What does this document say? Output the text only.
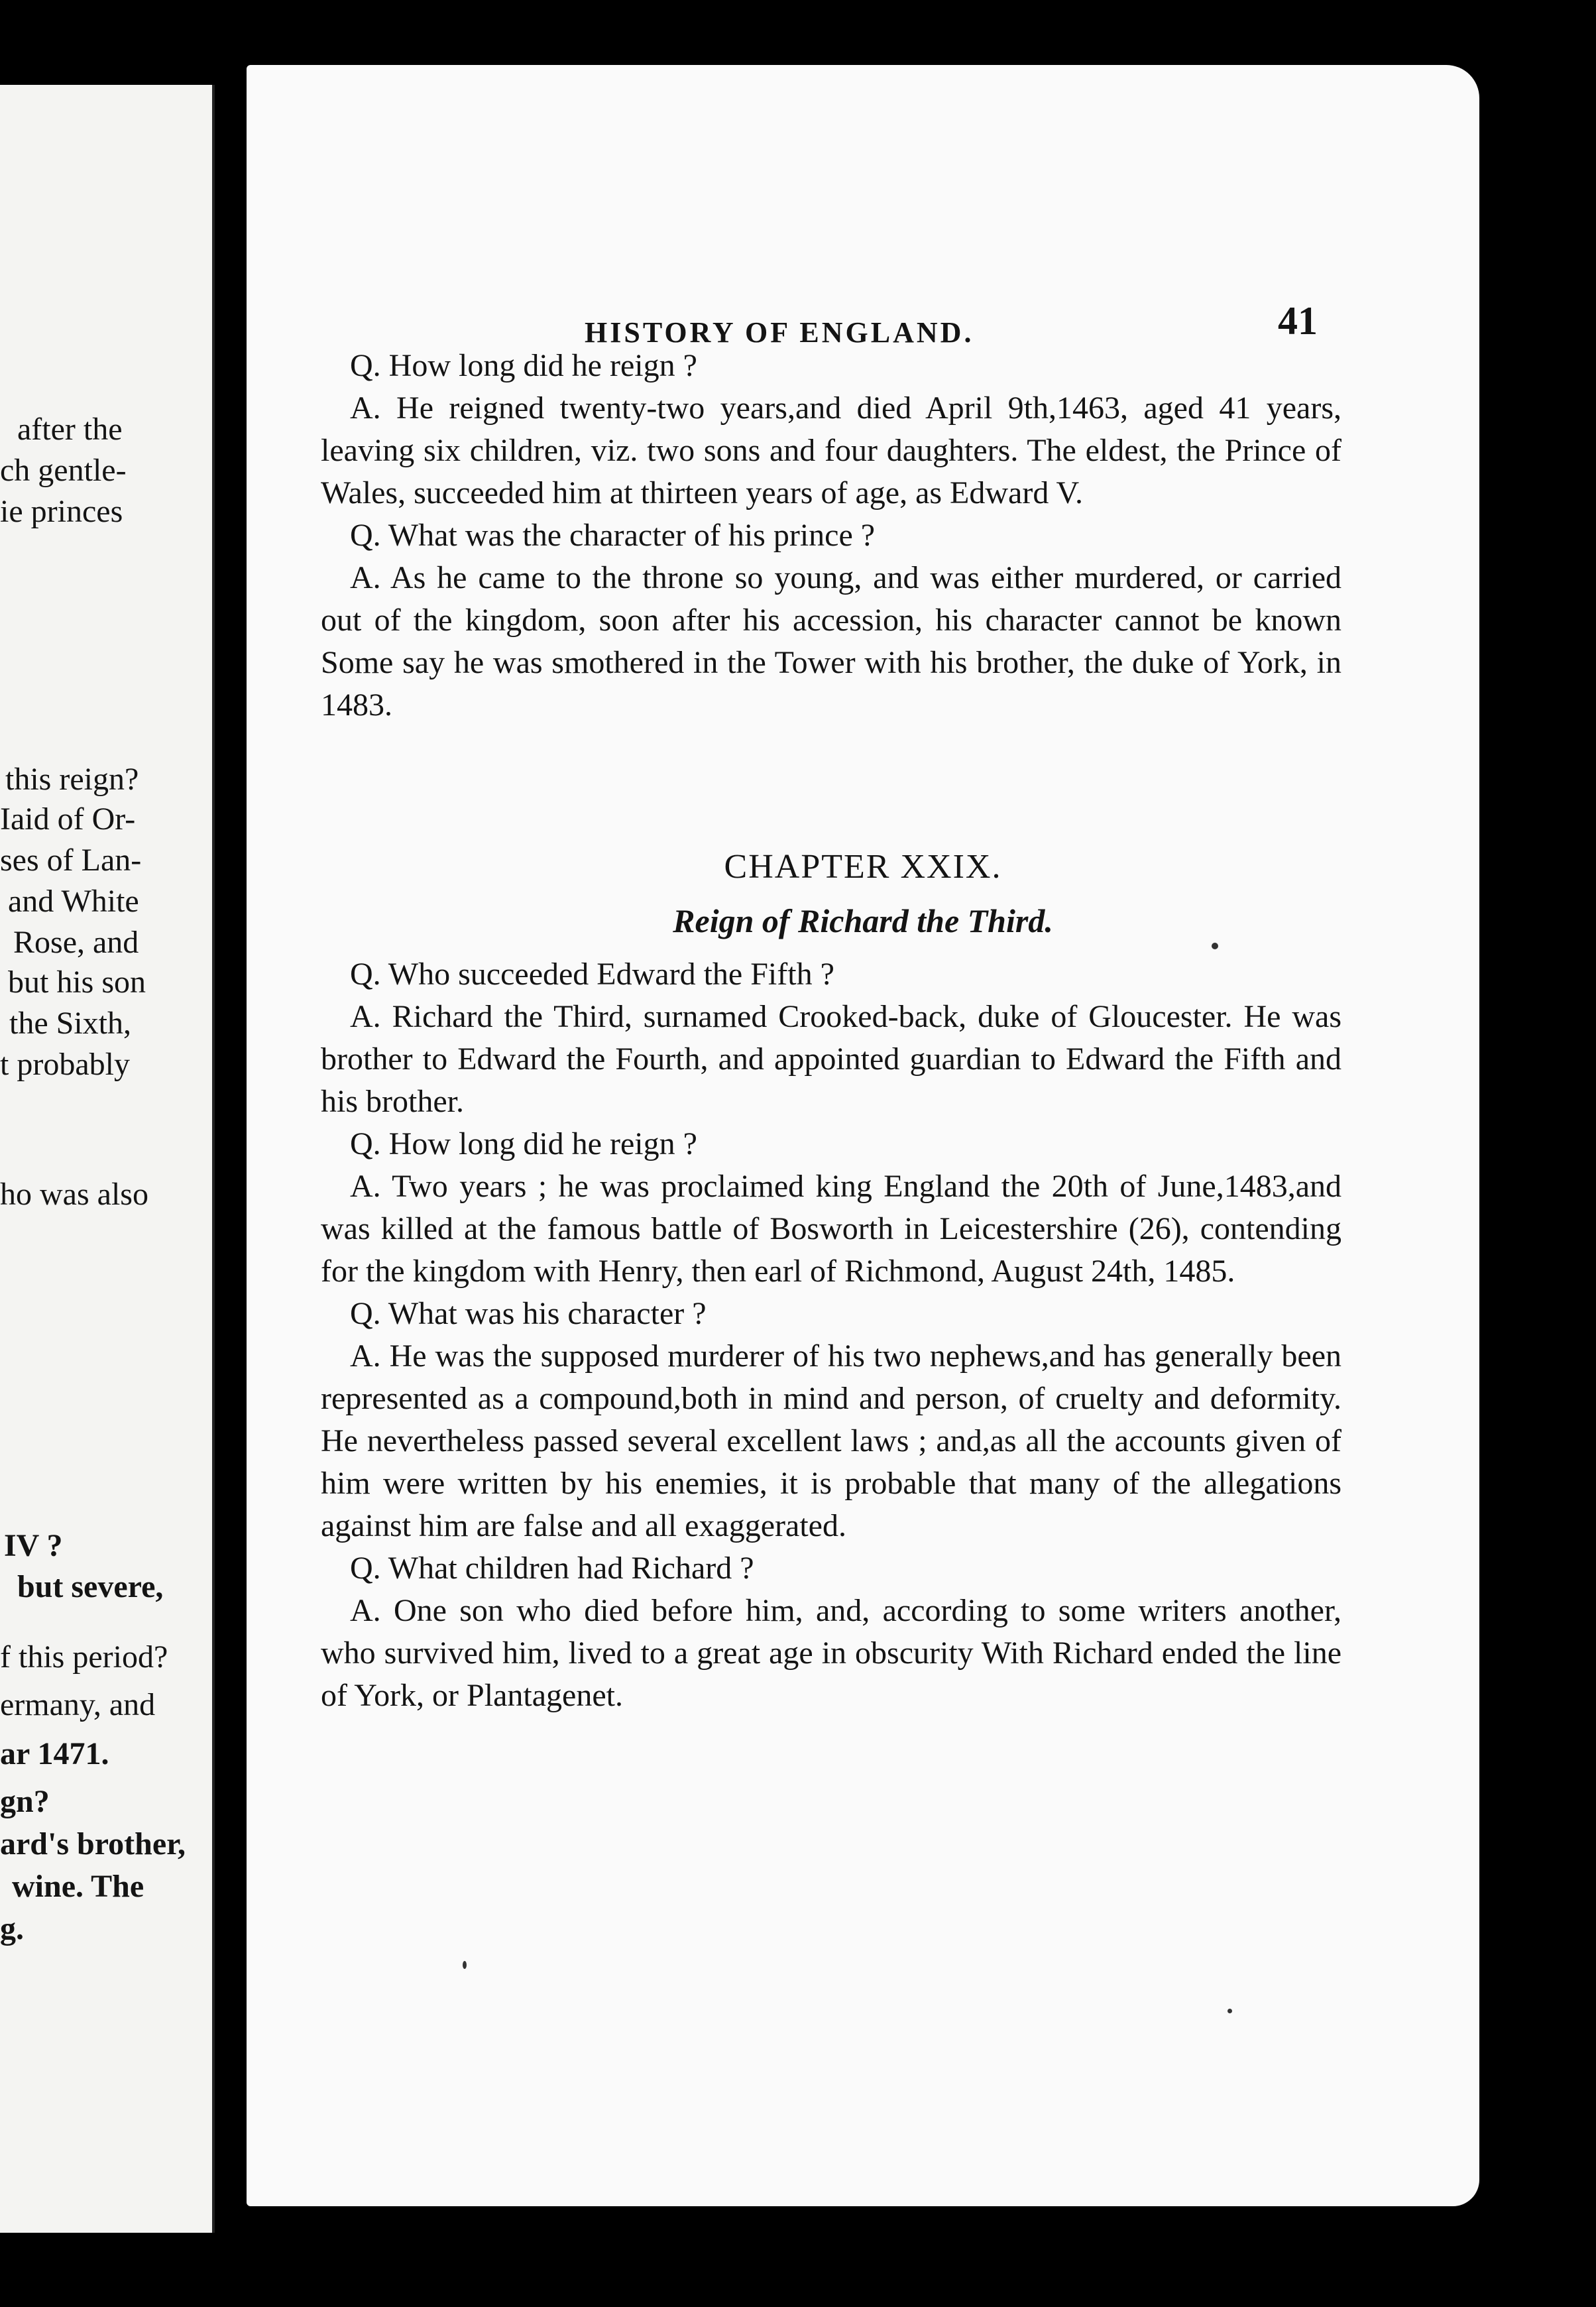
after the
ch gentle-
ie princes
this reign?
Iaid of Or-
ses of Lan-
and White
Rose, and
but his son
the Sixth,
t probably
ho was also
IV ?
but severe,
f this period?
ermany, and
ar 1471.
gn?
ard's brother,
wine. The
g.
HISTORY OF ENGLAND.	41

Q. How long did he reign ?

A. He reigned twenty-two years,and died April 9th,1463, aged 41 years, leaving six children, viz. two sons and four daughters. The eldest, the Prince of Wales, succeeded him at thirteen years of age, as Edward V.

Q. What was the character of his prince ?

A. As he came to the throne so young, and was either murdered, or carried out of the kingdom, soon after his accession, his character cannot be known Some say he was smothered in the Tower with his brother, the duke of York, in 1483.

CHAPTER XXIX.
Reign of Richard the Third.

Q. Who succeeded Edward the Fifth ?

A. Richard the Third, surnamed Crooked-back, duke of Gloucester. He was brother to Edward the Fourth, and appointed guardian to Edward the Fifth and his brother.

Q. How long did he reign ?

A. Two years ; he was proclaimed king England the 20th of June,1483,and was killed at the famous battle of Bosworth in Leicestershire (26), contending for the kingdom with Henry, then earl of Richmond, August 24th, 1485.

Q. What was his character ?

A. He was the supposed murderer of his two nephews,and has generally been represented as a compound,both in mind and person, of cruelty and deformity. He nevertheless passed several excellent laws ; and,as all the accounts given of him were written by his enemies, it is probable that many of the allegations against him are false and all exaggerated.

Q. What children had Richard ?

A. One son who died before him, and, according to some writers another, who survived him, lived to a great age in obscurity With Richard ended the line of York, or Plantagenet.
